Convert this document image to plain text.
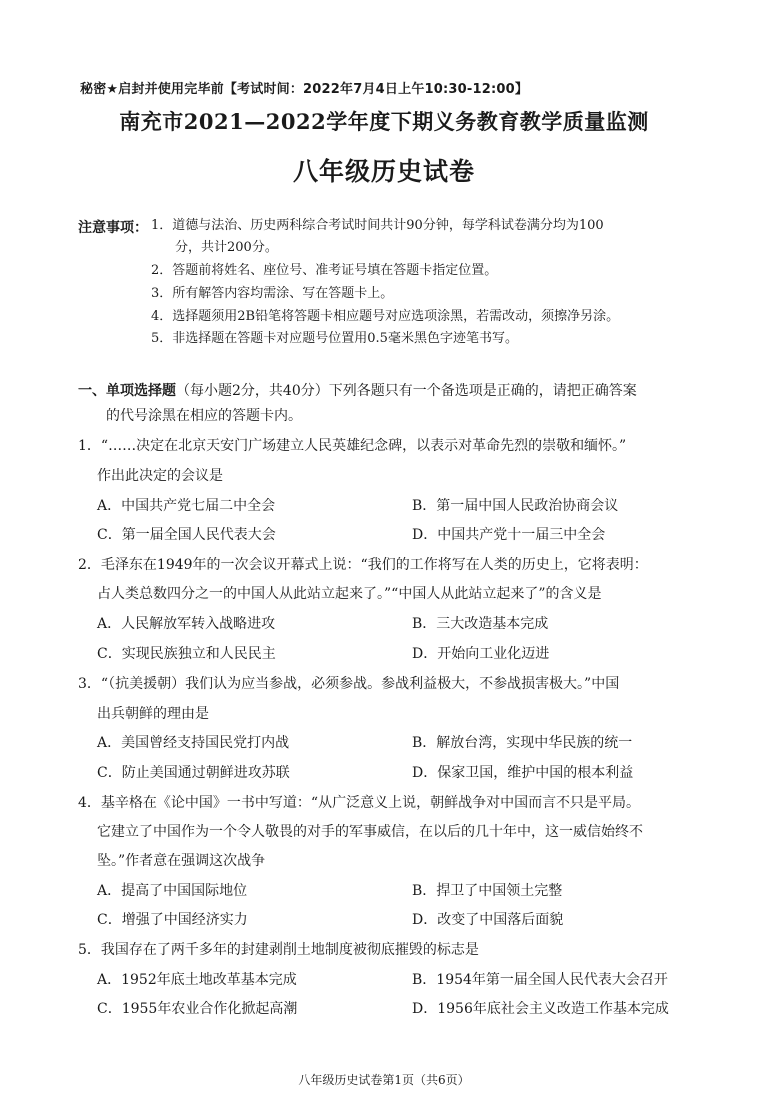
秘密★启封并使用完毕前【考试时间：2022年7月4日上午10:30-12:00】
南充市2021—2022学年度下期义务教育教学质量监测
八年级历史试卷
注意事项： 1．道德与法治、历史两科综合考试时间共计90分钟，每学科试卷满分均为100
分，共计200分。
2．答题前将姓名、座位号、准考证号填在答题卡指定位置。
3．所有解答内容均需涂、写在答题卡上。
4．选择题须用2B铅笔将答题卡相应题号对应选项涂黑，若需改动，须擦净另涂。
5．非选择题在答题卡对应题号位置用0.5毫米黑色字迹笔书写。
一、单项选择题（每小题2分，共40分）下列各题只有一个备选项是正确的，请把正确答案
的代号涂黑在相应的答题卡内。
1．“……决定在北京天安门广场建立人民英雄纪念碑，以表示对革命先烈的崇敬和缅怀。”
作出此决定的会议是
A．中国共产党七届二中全会	B．第一届中国人民政治协商会议
C．第一届全国人民代表大会	D．中国共产党十一届三中全会
2．毛泽东在1949年的一次会议开幕式上说：“我们的工作将写在人类的历史上，它将表明：
占人类总数四分之一的中国人从此站立起来了。”“中国人从此站立起来了”的含义是
A．人民解放军转入战略进攻	B．三大改造基本完成
C．实现民族独立和人民民主	D．开始向工业化迈进
3．“（抗美援朝）我们认为应当参战，必须参战。参战利益极大，不参战损害极大。”中国
出兵朝鲜的理由是
A．美国曾经支持国民党打内战	B．解放台湾，实现中华民族的统一
C．防止美国通过朝鲜进攻苏联	D．保家卫国，维护中国的根本利益
4．基辛格在《论中国》一书中写道：“从广泛意义上说，朝鲜战争对中国而言不只是平局。
它建立了中国作为一个令人敬畏的对手的军事威信，在以后的几十年中，这一威信始终不
坠。”作者意在强调这次战争
A．提高了中国国际地位	B．捍卫了中国领土完整
C．增强了中国经济实力	D．改变了中国落后面貌
5．我国存在了两千多年的封建剥削土地制度被彻底摧毁的标志是
A．1952年底土地改革基本完成	B．1954年第一届全国人民代表大会召开
C．1955年农业合作化掀起高潮	D．1956年底社会主义改造工作基本完成
八年级历史试卷第1页（共6页）
